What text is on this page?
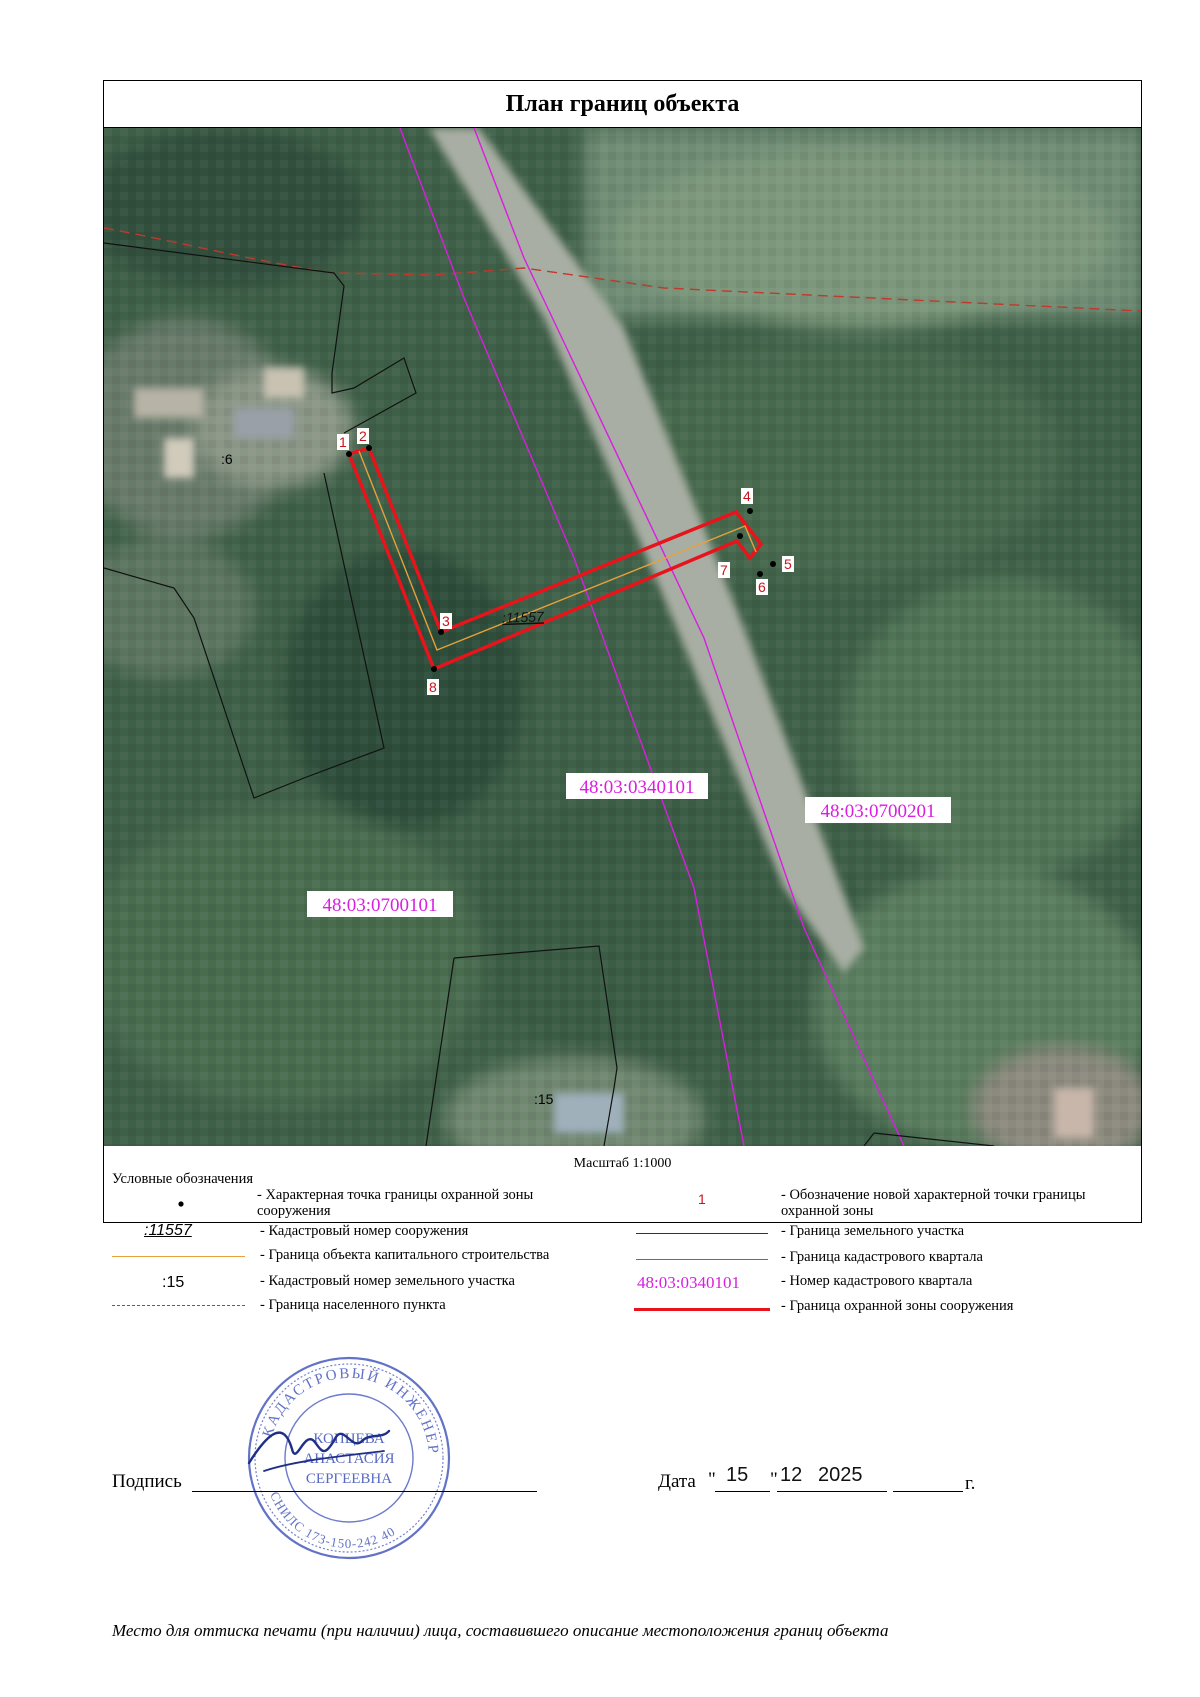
План границ объекта
1 2
3
4
5
6
7
8
:11557
:6
:15
48:03:0340101
48:03:0700201
48:03:0700101
Масштаб 1:1000
Условные обозначения
- Характерная точка границы охранной зоны сооружения
:11557	- Кадастровый номер сооружения
- Граница объекта капитального строительства
:15	- Кадастровый номер земельного участка
- Граница населенного пункта
1	- Обозначение новой характерной точки границы охранной зоны
- Граница земельного участка
- Граница кадастрового квартала
48:03:0340101	- Номер кадастрового квартала
- Граница охранной зоны сооружения
КАДАСТРОВЫЙ ИНЖЕНЕР
СНИЛС 173-150-242 40
КОПЦЕВА
АНАСТАСИЯ
СЕРГЕЕВНА
Подпись	Дата " 15 " 12 2025	г.
Место для оттиска печати (при наличии) лица, составившего описание местоположения границ объекта
